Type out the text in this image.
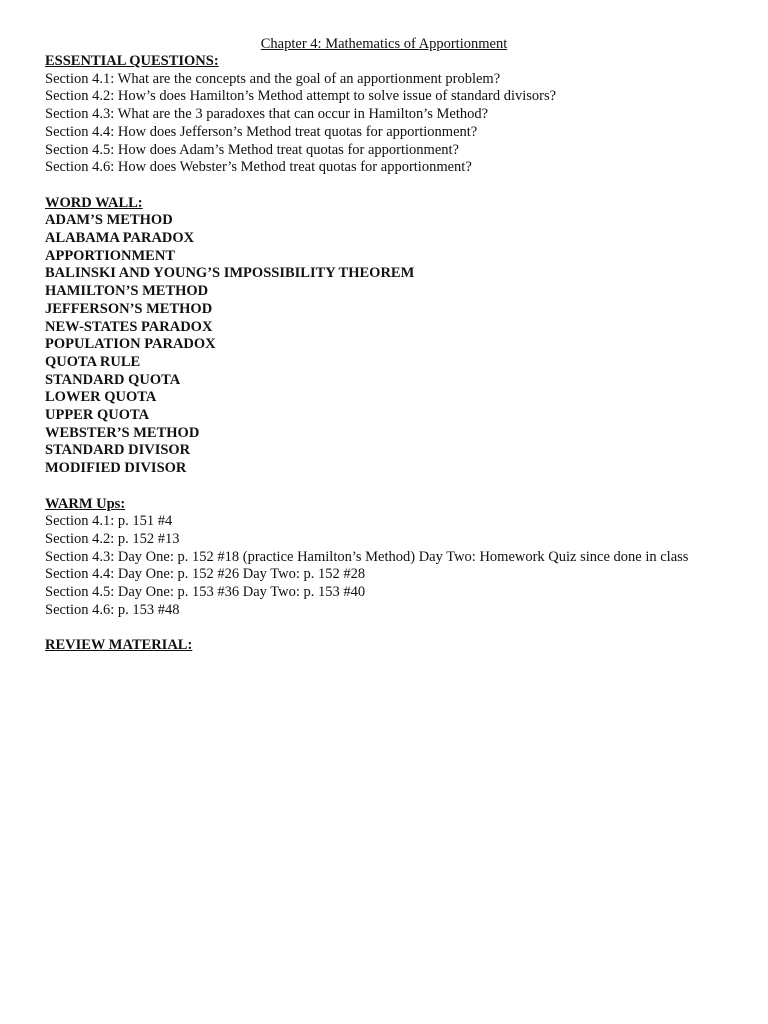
Chapter 4: Mathematics of Apportionment
ESSENTIAL QUESTIONS:
Section 4.1: What are the concepts and the goal of an apportionment problem?
Section 4.2: How’s does Hamilton’s Method attempt to solve issue of standard divisors?
Section 4.3: What are the 3 paradoxes that can occur in Hamilton’s Method?
Section 4.4: How does Jefferson’s Method treat quotas for apportionment?
Section 4.5: How does Adam’s Method treat quotas for apportionment?
Section 4.6: How does Webster’s Method treat quotas for apportionment?
WORD WALL:
ADAM’S METHOD
ALABAMA PARADOX
APPORTIONMENT
BALINSKI AND YOUNG’S IMPOSSIBILITY THEOREM
HAMILTON’S METHOD
JEFFERSON’S METHOD
NEW-STATES PARADOX
POPULATION PARADOX
QUOTA RULE
STANDARD QUOTA
LOWER QUOTA
UPPER QUOTA
WEBSTER’S METHOD
STANDARD DIVISOR
MODIFIED DIVISOR
WARM Ups:
Section 4.1: p. 151 #4
Section 4.2: p. 152 #13
Section 4.3: Day One: p. 152 #18 (practice Hamilton’s Method) Day Two: Homework Quiz since done in class
Section 4.4: Day One: p. 152 #26 Day Two: p. 152 #28
Section 4.5: Day One: p. 153 #36 Day Two: p. 153 #40
Section 4.6: p. 153 #48
REVIEW MATERIAL:
